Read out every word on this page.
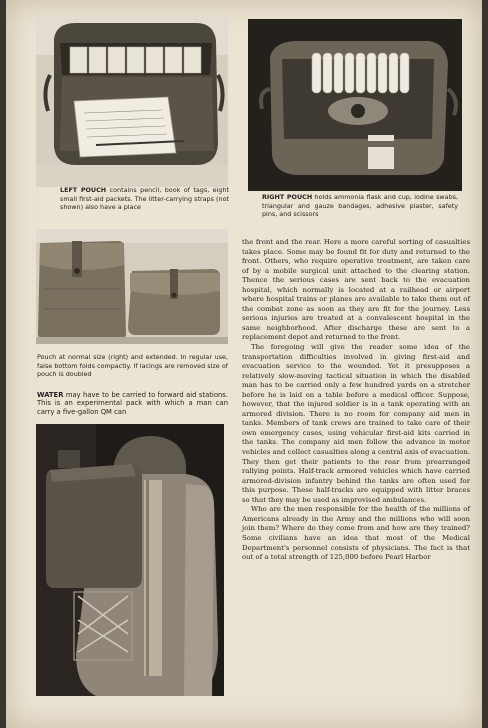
LEFT POUCH contains pencil, book of tags, eight small first-aid packets. The litter-carrying straps (not shown) also have a place
RIGHT POUCH holds ammonia flask and cup, iodine swabs, triangular and gauze bandages, adhesive plaster, safety pins, and scissors
Pouch at normal size (right) and extended. In regular use, false bottom folds compactly. If lacings are removed size of pouch is doubled
WATER may have to be carried to forward aid stations. This is an experimental pack with which a man can carry a five-gallon QM can

the front and the rear. Here a more careful sorting of casualties takes place. Some may be found fit for duty and returned to the front. Others, who require operative treatment, are taken care of by a mobile surgical unit attached to the clearing station. Thence the serious cases are sent back to the evacuation hospital, which normally is located at a railhead or airport where hospital trains or planes are available to take them out of the combat zone as soon as they are fit for the journey. Less serious injuries are treated at a convalescent hospital in the same neighborhood. After discharge these are sent to a replacement depot and returned to the front.

The foregoing will give the reader some idea of the transportation difficulties involved in giving first-aid and evacuation service to the wounded. Yet it presupposes a relatively slow-moving tactical situation in which the disabled man has to be carried only a few hundred yards on a stretcher before he is laid on a table before a medical officer. Suppose, however, that the injured soldier is in a tank operating with an armored division. There is no room for company aid men in tanks. Members of tank crews are trained to take care of their own emergency cases, using vehicular first-aid kits carried in the tanks. The company aid men follow the advance in motor vehicles and collect casualties along a central axis of evacuation. They then get their patients to the rear from prearranged rallying points. Half-track armored vehicles which have carried armored-division infantry behind the tanks are often used for this purpose. These half-tracks are equipped with litter braces so that they may be used as improvised ambulances.

Who are the men responsible for the health of the millions of Americans already in the Army and the millions who will soon join them? Where do they come from and how are they trained? Some civilians have an idea that most of the Medical Department's personnel consists of physicians. The fact is that out of a total strength of 125,000 before Pearl Harbor
